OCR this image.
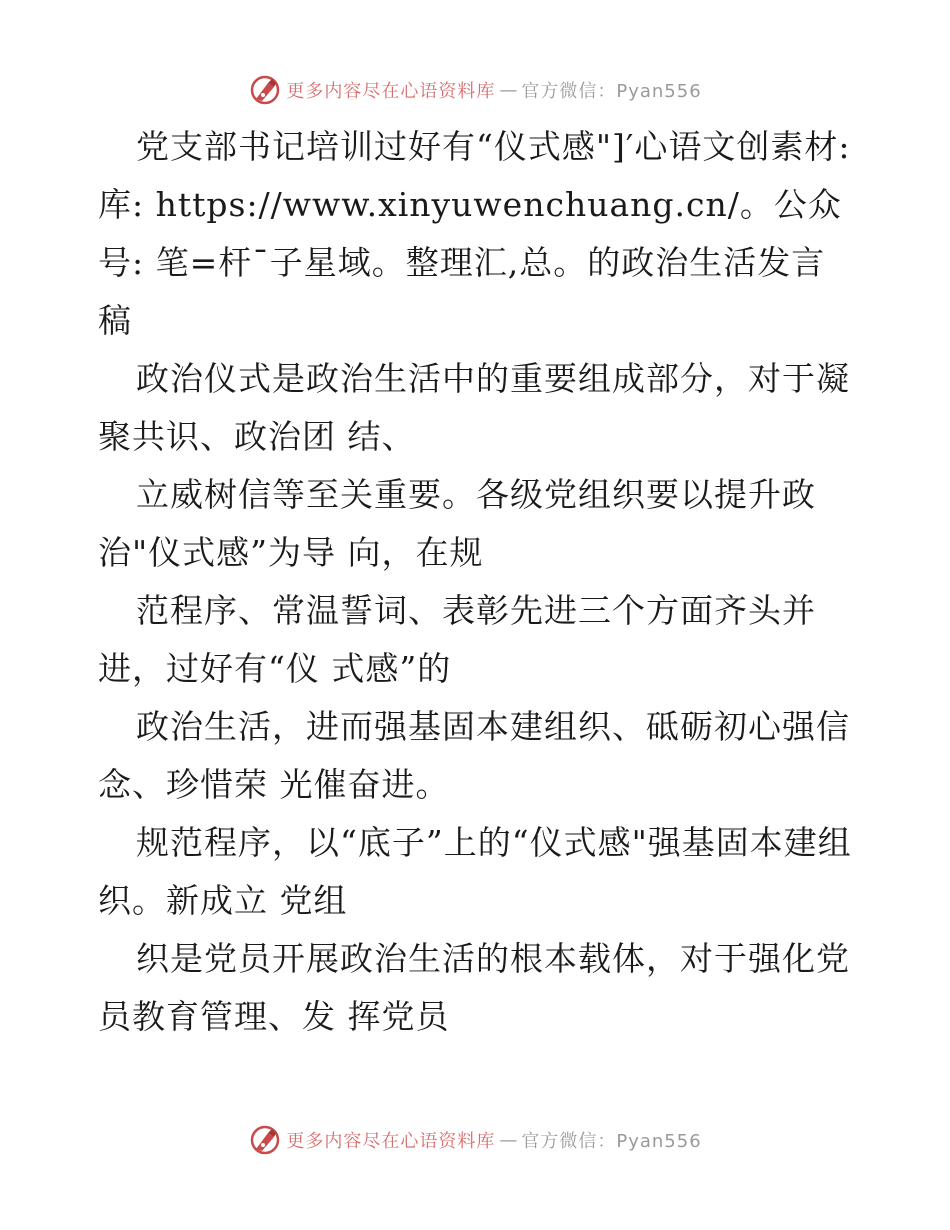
更多内容尽在心语资料库 — 官方微信：Pyan556

党支部书记培训过好有“仪式感"]′心语文创素材:库: https://www.xinyuwenchuang.cn/。公众号: 笔=杆¯子星域。整理汇,总。的政治生活发言稿

政治仪式是政治生活中的重要组成部分，对于凝聚共识、政治团 结、

立威树信等至关重要。各级党组织要以提升政治"仪式感”为导 向，在规

范程序、常温誓词、表彰先进三个方面齐头并进，过好有“仪 式感”的

政治生活，进而强基固本建组织、砥砺初心强信念、珍惜荣 光催奋进。

规范程序，以“底子”上的“仪式感"强基固本建组织。新成立 党组

织是党员开展政治生活的根本载体，对于强化党员教育管理、发 挥党员

更多内容尽在心语资料库 — 官方微信：Pyan556
